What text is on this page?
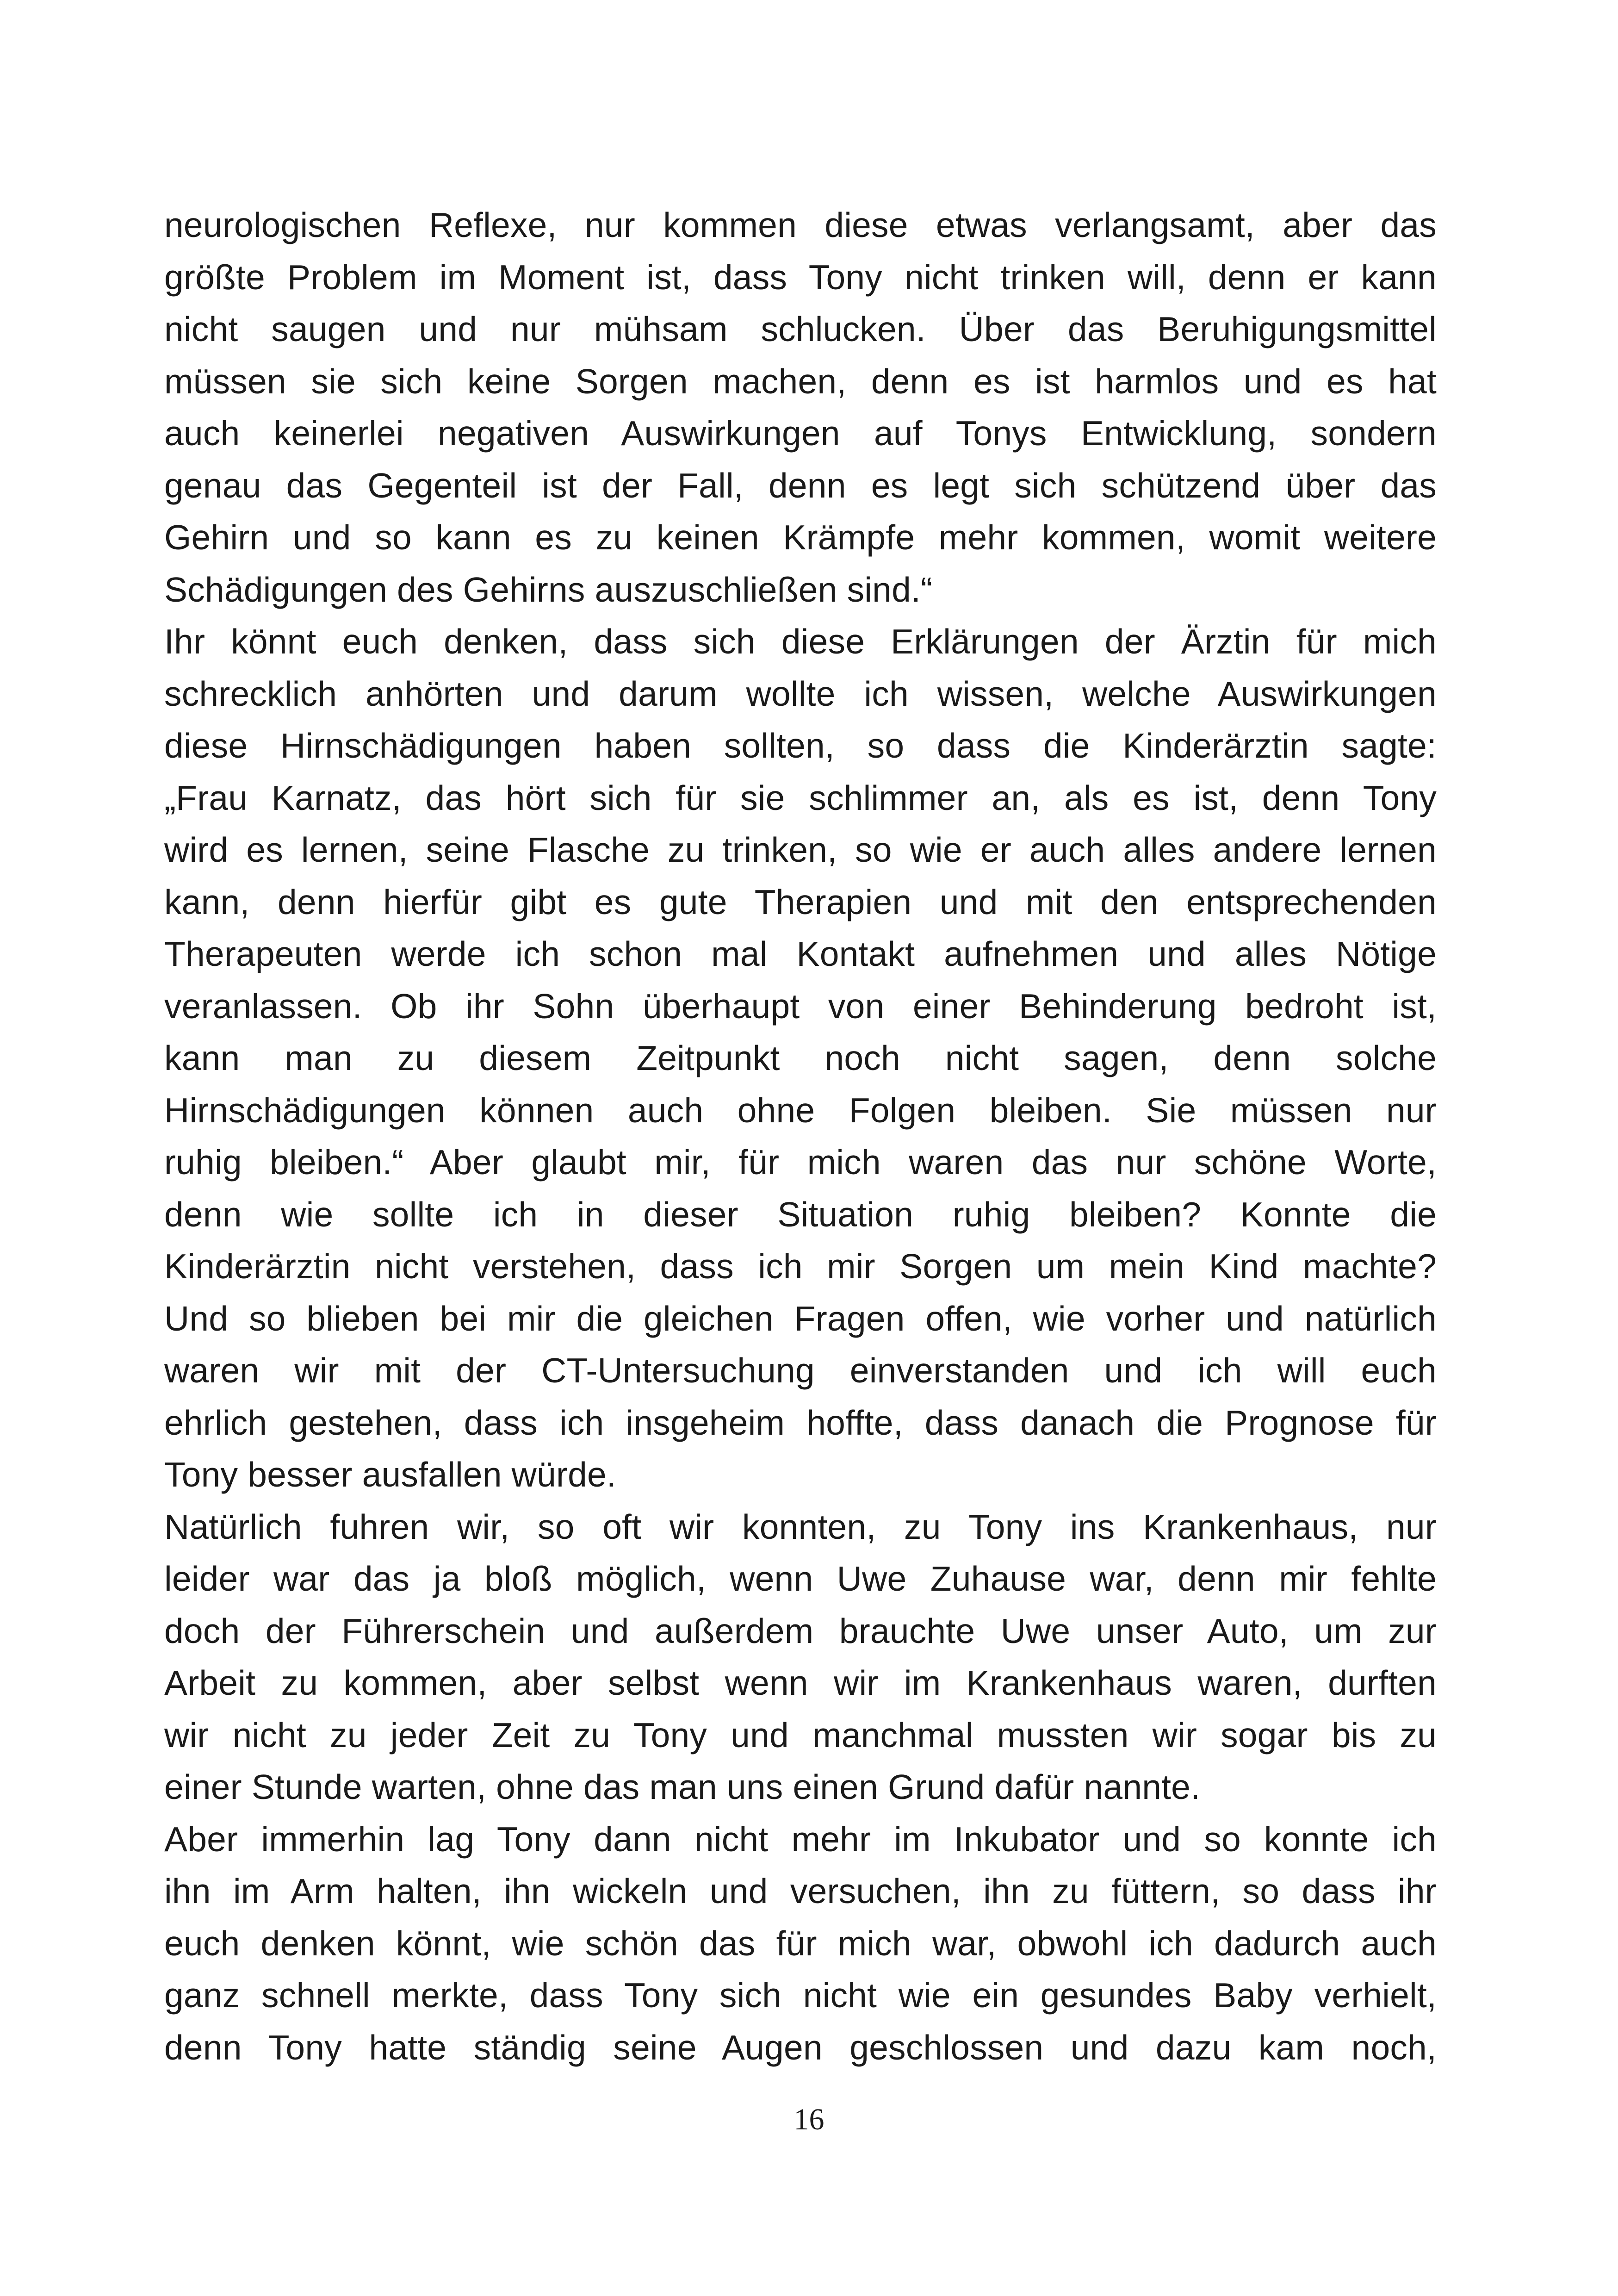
neurologischen Reflexe, nur kommen diese etwas verlangsamt, aber das
größte Problem im Moment ist, dass Tony nicht trinken will, denn er kann
nicht saugen und nur mühsam schlucken. Über das Beruhigungsmittel
müssen sie sich keine Sorgen machen, denn es ist harmlos und es hat
auch keinerlei negativen Auswirkungen auf Tonys Entwicklung, sondern
genau das Gegenteil ist der Fall, denn es legt sich schützend über das
Gehirn und so kann es zu keinen Krämpfe mehr kommen, womit weitere
Schädigungen des Gehirns auszuschließen sind.“
Ihr könnt euch denken, dass sich diese Erklärungen der Ärztin für mich
schrecklich anhörten und darum wollte ich wissen, welche Auswirkungen
diese Hirnschädigungen haben sollten, so dass die Kinderärztin sagte:
„Frau Karnatz, das hört sich für sie schlimmer an, als es ist, denn Tony
wird es lernen, seine Flasche zu trinken, so wie er auch alles andere lernen
kann, denn hierfür gibt es gute Therapien und mit den entsprechenden
Therapeuten werde ich schon mal Kontakt aufnehmen und alles Nötige
veranlassen. Ob ihr Sohn überhaupt von einer Behinderung bedroht ist,
kann man zu diesem Zeitpunkt noch nicht sagen, denn solche
Hirnschädigungen können auch ohne Folgen bleiben. Sie müssen nur
ruhig bleiben.“ Aber glaubt mir, für mich waren das nur schöne Worte,
denn wie sollte ich in dieser Situation ruhig bleiben? Konnte die
Kinderärztin nicht verstehen, dass ich mir Sorgen um mein Kind machte?
Und so blieben bei mir die gleichen Fragen offen, wie vorher und natürlich
waren wir mit der CT-Untersuchung einverstanden und ich will euch
ehrlich gestehen, dass ich insgeheim hoffte, dass danach die Prognose für
Tony besser ausfallen würde.
Natürlich fuhren wir, so oft wir konnten, zu Tony ins Krankenhaus, nur
leider war das ja bloß möglich, wenn Uwe Zuhause war, denn mir fehlte
doch der Führerschein und außerdem brauchte Uwe unser Auto, um zur
Arbeit zu kommen, aber selbst wenn wir im Krankenhaus waren, durften
wir nicht zu jeder Zeit zu Tony und manchmal mussten wir sogar bis zu
einer Stunde warten, ohne das man uns einen Grund dafür nannte.
Aber immerhin lag Tony dann nicht mehr im Inkubator und so konnte ich
ihn im Arm halten, ihn wickeln und versuchen, ihn zu füttern, so dass ihr
euch denken könnt, wie schön das für mich war, obwohl ich dadurch auch
ganz schnell merkte, dass Tony sich nicht wie ein gesundes Baby verhielt,
denn Tony hatte ständig seine Augen geschlossen und dazu kam noch,
16
